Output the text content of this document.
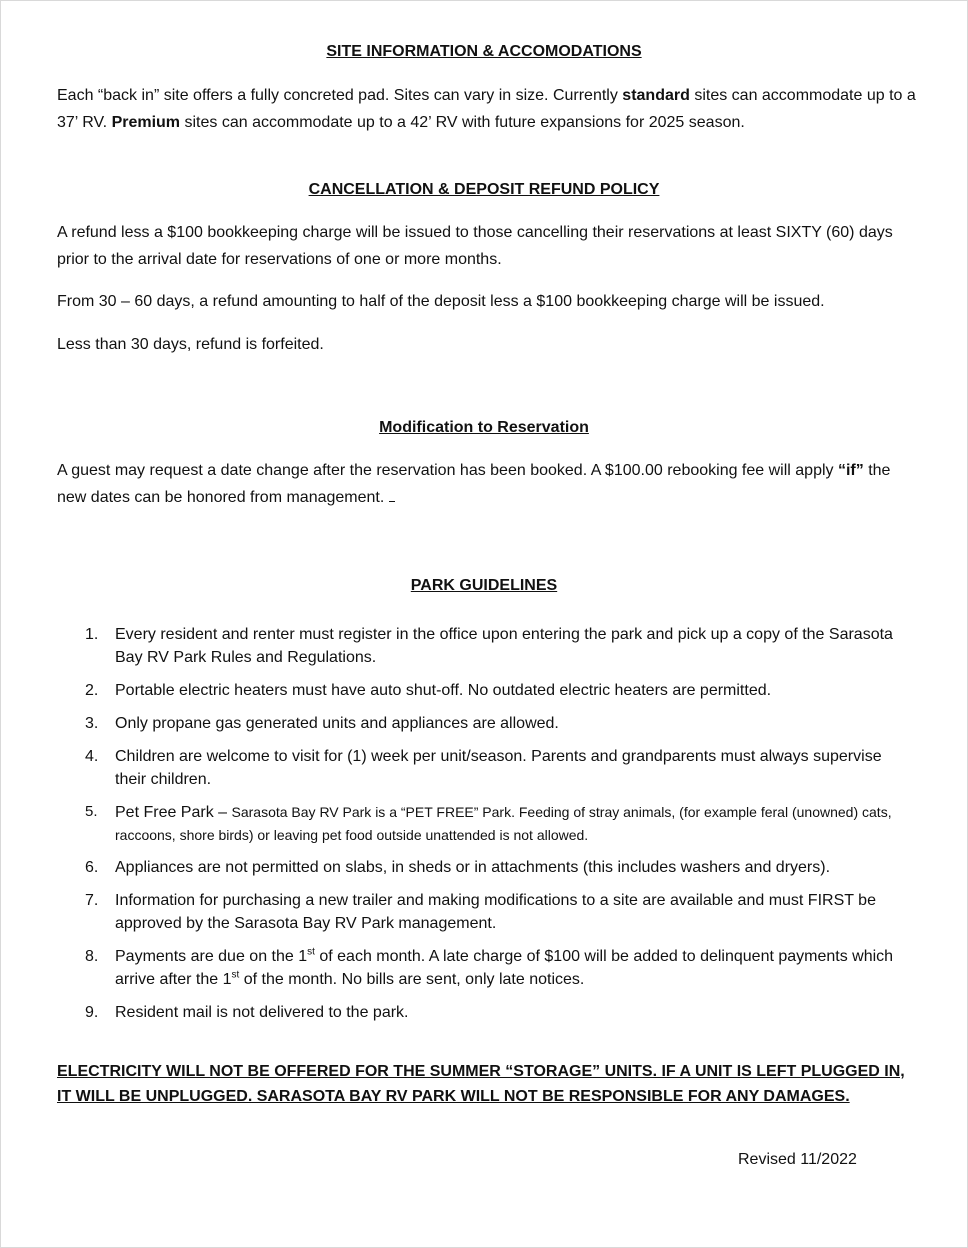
SITE INFORMATION & ACCOMODATIONS

Each “back in” site offers a fully concreted pad. Sites can vary in size. Currently standard sites can accommodate up to a 37’ RV. Premium sites can accommodate up to a 42’ RV with future expansions for 2025 season.

CANCELLATION & DEPOSIT REFUND POLICY

A refund less a $100 bookkeeping charge will be issued to those cancelling their reservations at least SIXTY (60) days prior to the arrival date for reservations of one or more months.

From 30 – 60 days, a refund amounting to half of the deposit less a $100 bookkeeping charge will be issued.

Less than 30 days, refund is forfeited.

Modification to Reservation

A guest may request a date change after the reservation has been booked. A $100.00 rebooking fee will apply “if” the new dates can be honored from management.

PARK GUIDELINES

1. Every resident and renter must register in the office upon entering the park and pick up a copy of the Sarasota Bay RV Park Rules and Regulations.
2. Portable electric heaters must have auto shut-off. No outdated electric heaters are permitted.
3. Only propane gas generated units and appliances are allowed.
4. Children are welcome to visit for (1) week per unit/season. Parents and grandparents must always supervise their children.
5. Pet Free Park – Sarasota Bay RV Park is a “PET FREE” Park. Feeding of stray animals, (for example feral (unowned) cats, raccoons, shore birds) or leaving pet food outside unattended is not allowed.
6. Appliances are not permitted on slabs, in sheds or in attachments (this includes washers and dryers).
7. Information for purchasing a new trailer and making modifications to a site are available and must FIRST be approved by the Sarasota Bay RV Park management.
8. Payments are due on the 1st of each month. A late charge of $100 will be added to delinquent payments which arrive after the 1st of the month. No bills are sent, only late notices.
9. Resident mail is not delivered to the park.

ELECTRICITY WILL NOT BE OFFERED FOR THE SUMMER “STORAGE” UNITS. IF A UNIT IS LEFT PLUGGED IN, IT WILL BE UNPLUGGED. SARASOTA BAY RV PARK WILL NOT BE RESPONSIBLE FOR ANY DAMAGES.

Revised 11/2022
